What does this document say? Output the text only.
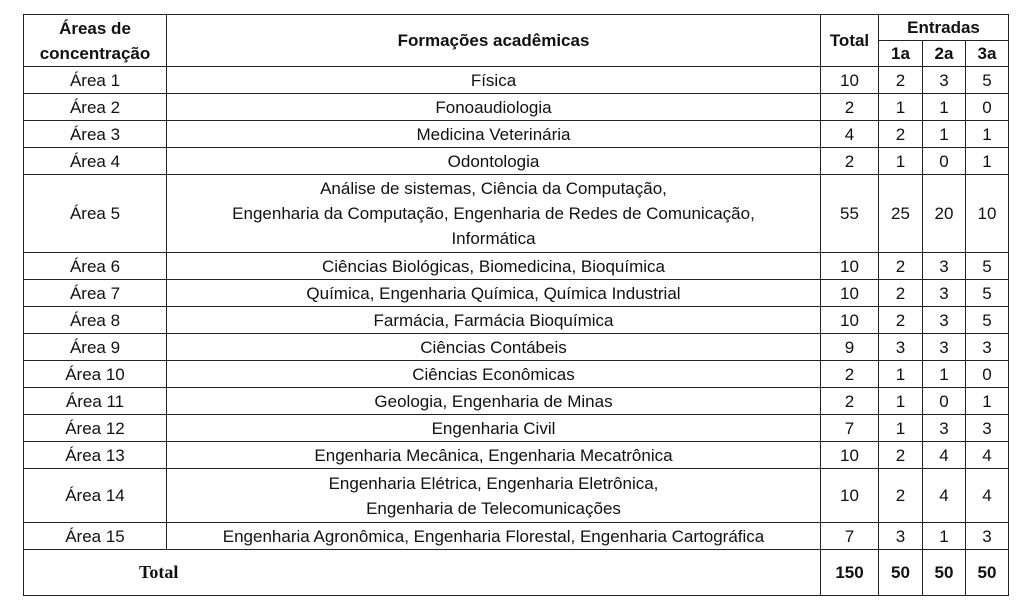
Áreas de
concentração	Formações acadêmicas	Total	Entradas		
			1a	2a	3a
Área 1	Física	10	2	3	5
Área 2	Fonoaudiologia	2	1	1	0
Área 3	Medicina Veterinária	4	2	1	1
Área 4	Odontologia	2	1	0	1
Área 5	Análise de sistemas, Ciência da Computação,
Engenharia da Computação, Engenharia de Redes de Comunicação,
Informática	55	25	20	10
Área 6	Ciências Biológicas, Biomedicina, Bioquímica	10	2	3	5
Área 7	Química, Engenharia Química, Química Industrial	10	2	3	5
Área 8	Farmácia, Farmácia Bioquímica	10	2	3	5
Área 9	Ciências Contábeis	9	3	3	3
Área 10	Ciências Econômicas	2	1	1	0
Área 11	Geologia, Engenharia de Minas	2	1	0	1
Área 12	Engenharia Civil	7	1	3	3
Área 13	Engenharia Mecânica, Engenharia Mecatrônica	10	2	4	4
Área 14	Engenharia Elétrica, Engenharia Eletrônica,
Engenharia de Telecomunicações	10	2	4	4
Área 15	Engenharia Agronômica, Engenharia Florestal, Engenharia Cartográfica	7	3	1	3
Total		150	50	50	50
